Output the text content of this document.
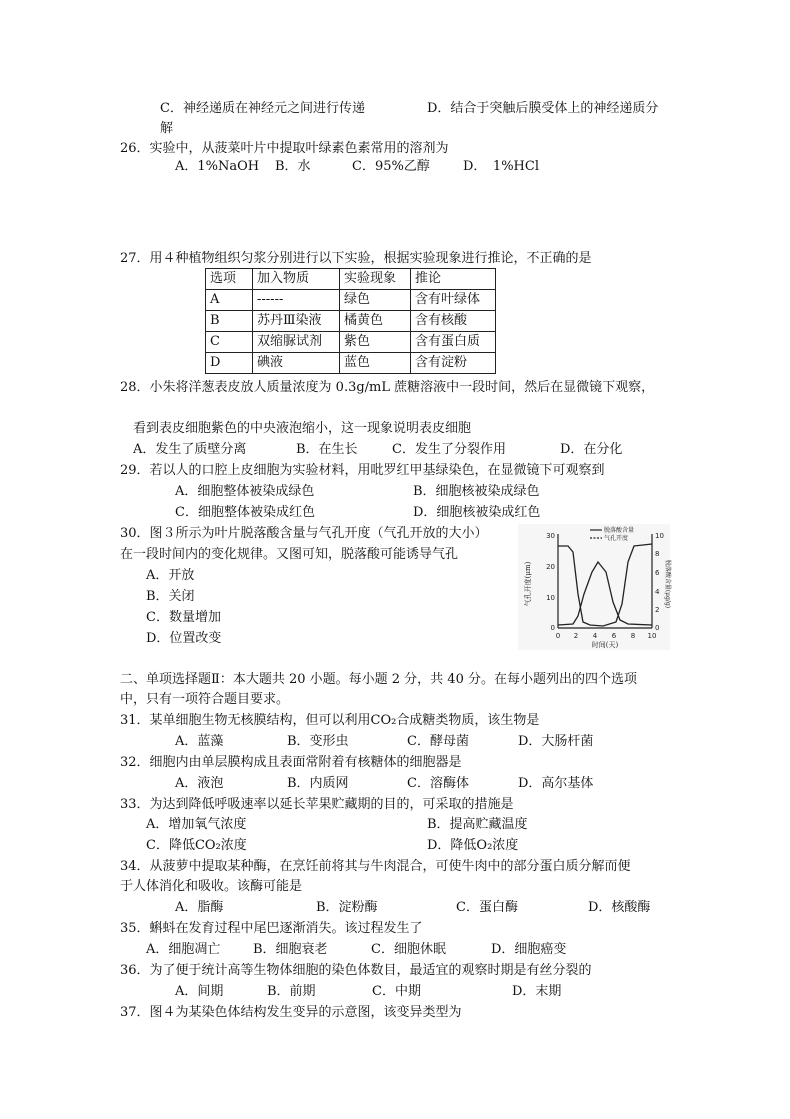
C．神经递质在神经元之间进行传递	D．结合于突触后膜受体上的神经递质分
解
26．实验中，从菠菜叶片中提取叶绿素色素常用的溶剂为
A．1%NaOH B．水	C．95%乙醇	D．　1%HCl
27．用４种植物组织匀浆分别进行以下实验，根据实验现象进行推论，不正确的是
选项	加入物质	实验现象	推论
A	------	绿色	含有叶绿体
B	苏丹Ⅲ染液	橘黄色	含有核酸
C	双缩脲试剂	紫色	含有蛋白质
D	碘液	蓝色	含有淀粉
28．小朱将洋葱表皮放人质量浓度为 0.3g/mL 蔗糖溶液中一段时间，然后在显微镜下观察，
看到表皮细胞紫色的中央液泡缩小，这一现象说明表皮细胞
A．发生了质壁分离	B．在生长	C．发生了分裂作用	D．在分化
29．若以人的口腔上皮细胞为实验材料，用吡罗红甲基绿染色，在显微镜下可观察到
A．细胞整体被染成绿色	B．细胞核被染成绿色
C．细胞整体被染成红色	D．细胞核被染成红色
30．图３所示为叶片脱落酸含量与气孔开度（气孔开放的大小）
在一段时间内的变化规律。又图可知，脱落酸可能诱导气孔
A．开放
B．关闭
C．数量增加
D．位置改变	0 2 4 6 8 10
时间(天)
30
20
10
0
气孔开度(μm)
10
8
6
4
2
0
脱落酸含量(μg/g)
脱落酸含量
气孔开度
二、单项选择题Ⅱ：本大题共 20 小题。每小题 2 分，共 40 分。在每小题列出的四个选项
中，只有一项符合题目要求。
31．某单细胞生物无核膜结构，但可以利用CO₂合成糖类物质，该生物是
A．蓝藻	B．变形虫	C．酵母菌	D．大肠杆菌
32．细胞内由单层膜构成且表面常附着有核糖体的细胞器是
A．液泡	B．内质网	C．溶酶体	D．高尔基体
33．为达到降低呼吸速率以延长苹果贮藏期的目的，可采取的措施是
A．增加氧气浓度	B．提高贮藏温度
C．降低CO₂浓度	D．降低O₂浓度
34．从菠萝中提取某种酶，在烹饪前将其与牛肉混合，可使牛肉中的部分蛋白质分解而便
于人体消化和吸收。该酶可能是
A．脂酶	B．淀粉酶	C．蛋白酶	D．核酸酶
35．蝌蚪在发育过程中尾巴逐渐消失。该过程发生了
A．细胞凋亡	B．细胞衰老	C．细胞休眠	D．细胞癌变
36．为了便于统计高等生物体细胞的染色体数目，最适宜的观察时期是有丝分裂的
A．间期	B．前期	C．中期	D．末期
37．图４为某染色体结构发生变异的示意图，该变异类型为
